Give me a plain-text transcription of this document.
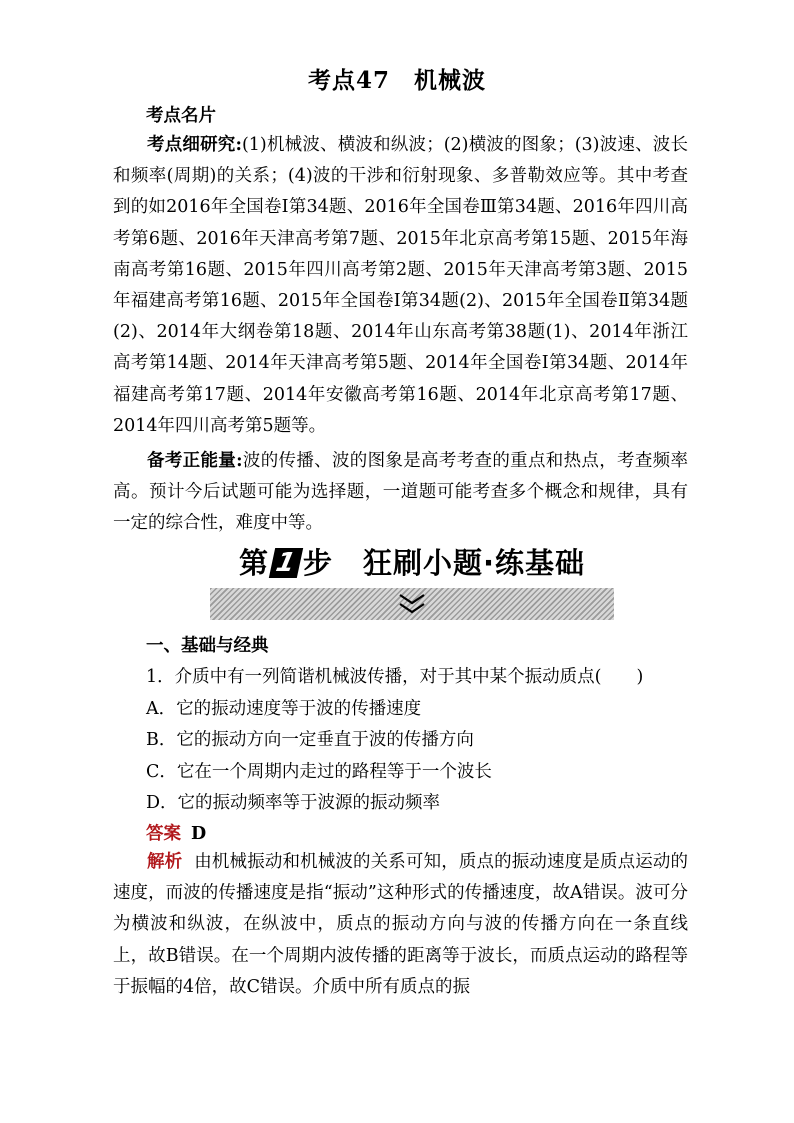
考点47　机械波
考点名片

考点细研究:(1)机械波、横波和纵波；(2)横波的图象；(3)波速、波长和频率(周期)的关系；(4)波的干涉和衍射现象、多普勒效应等。其中考查到的如2016年全国卷Ⅰ第34题、2016年全国卷Ⅲ第34题、2016年四川高考第6题、2016年天津高考第7题、2015年北京高考第15题、2015年海南高考第16题、2015年四川高考第2题、2015年天津高考第3题、2015年福建高考第16题、2015年全国卷Ⅰ第34题(2)、2015年全国卷Ⅱ第34题(2)、2014年大纲卷第18题、2014年山东高考第38题(1)、2014年浙江高考第14题、2014年天津高考第5题、2014年全国卷Ⅰ第34题、2014年福建高考第17题、2014年安徽高考第16题、2014年北京高考第17题、2014年四川高考第5题等。

备考正能量:波的传播、波的图象是高考考查的重点和热点，考查频率高。预计今后试题可能为选择题，一道题可能考查多个概念和规律，具有一定的综合性，难度中等。

第 1 步　狂刷小题·练基础
一、基础与经典
1．介质中有一列简谐机械波传播，对于其中某个振动质点(　　)
A．它的振动速度等于波的传播速度
B．它的振动方向一定垂直于波的传播方向
C．它在一个周期内走过的路程等于一个波长
D．它的振动频率等于波源的振动频率
答案 D

解析 由机械振动和机械波的关系可知，质点的振动速度是质点运动的速度，而波的传播速度是指“振动”这种形式的传播速度，故A错误。波可分为横波和纵波，在纵波中，质点的振动方向与波的传播方向在一条直线上，故B错误。在一个周期内波传播的距离等于波长，而质点运动的路程等于振幅的4倍，故C错误。介质中所有质点的振
